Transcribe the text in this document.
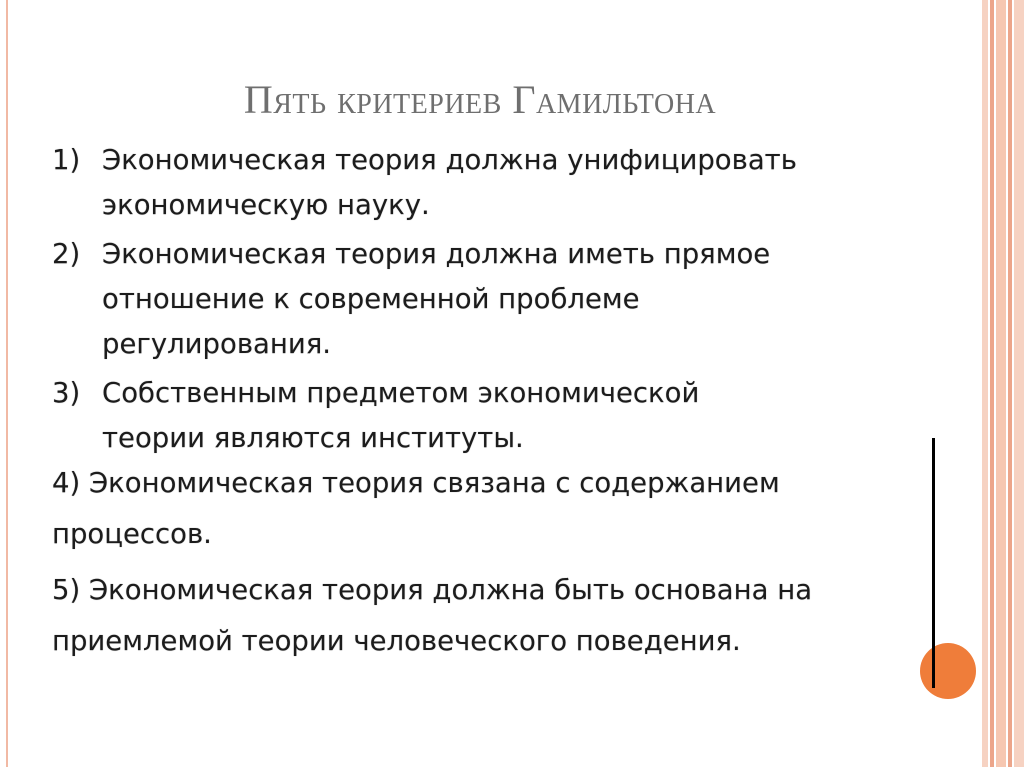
Пять критериев Гамильтона
1) Экономическая теория должна унифицировать
экономическую науку.
2) Экономическая теория должна иметь прямое
отношение к современной проблеме
регулирования.
3) Собственным предметом экономической
теории являются институты.
4) Экономическая теория связана с содержанием
процессов.
5) Экономическая теория должна быть основана на
приемлемой теории человеческого поведения.
